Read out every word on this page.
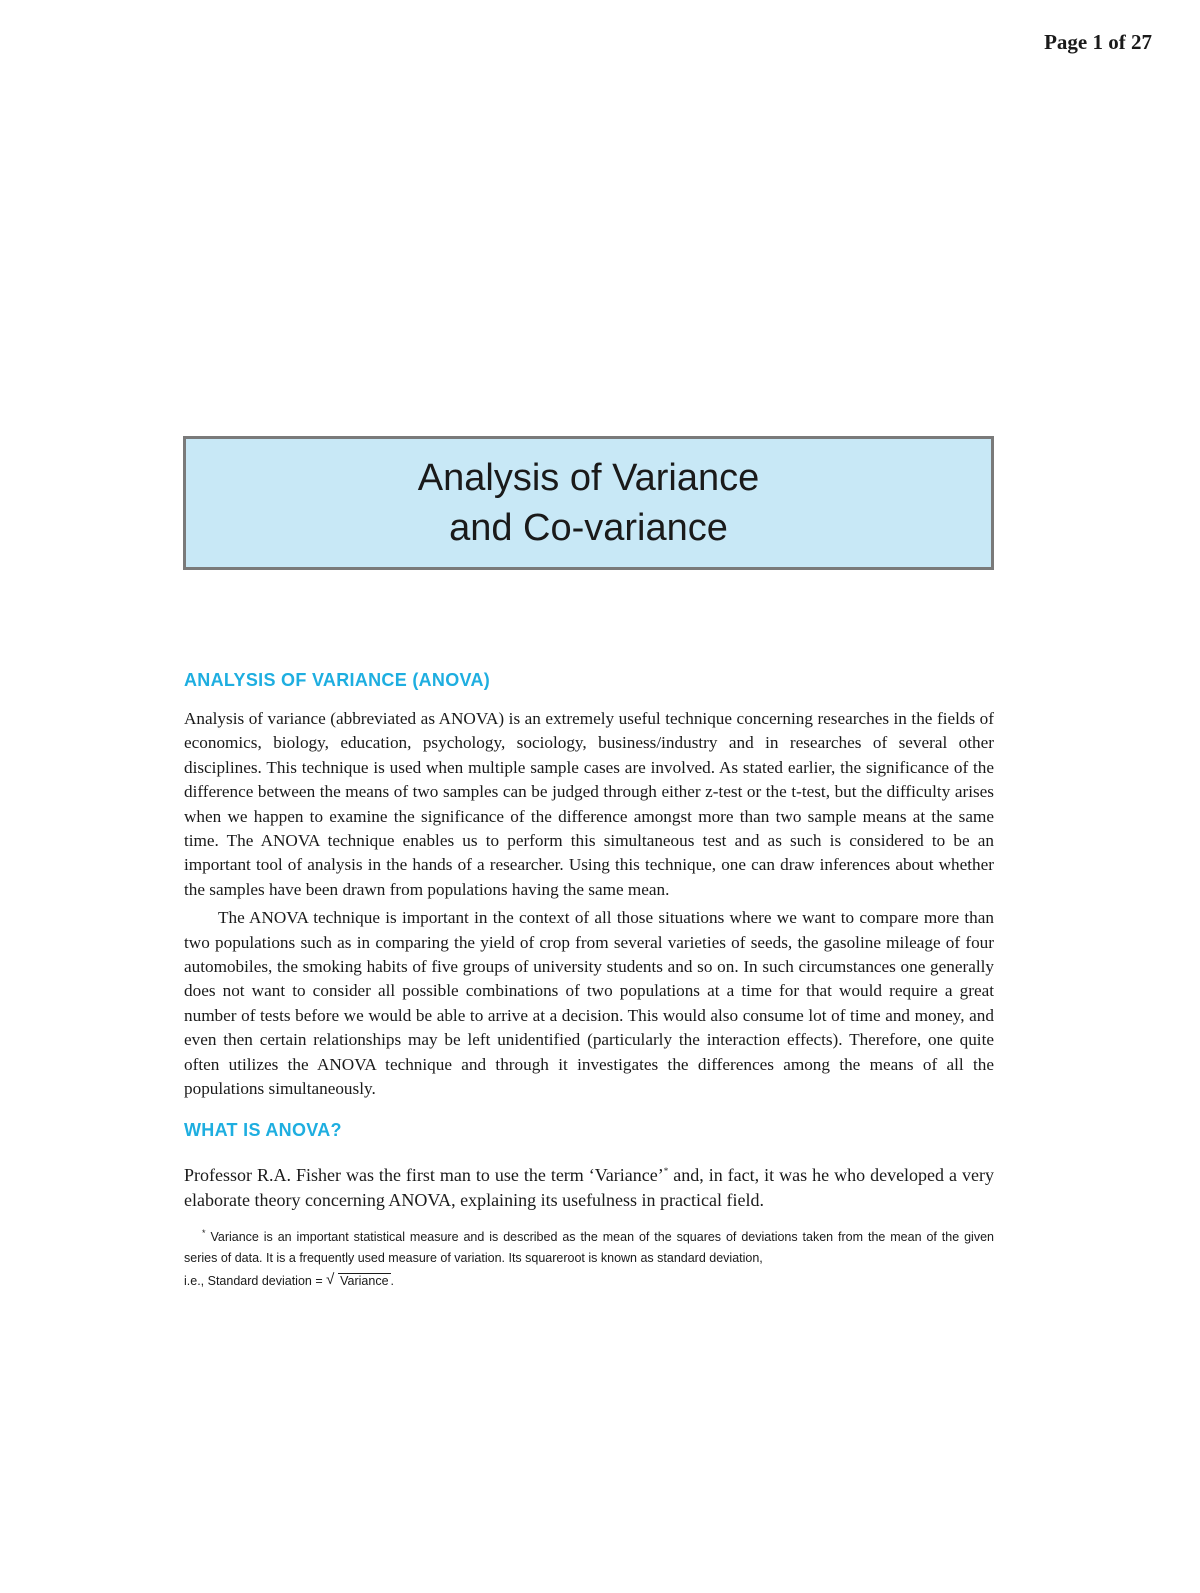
Page 1 of 27
Analysis of Variance
and Co-variance
ANALYSIS OF VARIANCE (ANOVA)

Analysis of variance (abbreviated as ANOVA) is an extremely useful technique concerning researches in the fields of economics, biology, education, psychology, sociology, business/industry and in researches of several other disciplines. This technique is used when multiple sample cases are involved. As stated earlier, the significance of the difference between the means of two samples can be judged through either z-test or the t-test, but the difficulty arises when we happen to examine the significance of the difference amongst more than two sample means at the same time. The ANOVA technique enables us to perform this simultaneous test and as such is considered to be an important tool of analysis in the hands of a researcher. Using this technique, one can draw inferences about whether the samples have been drawn from populations having the same mean.

The ANOVA technique is important in the context of all those situations where we want to compare more than two populations such as in comparing the yield of crop from several varieties of seeds, the gasoline mileage of four automobiles, the smoking habits of five groups of university students and so on. In such circumstances one generally does not want to consider all possible combinations of two populations at a time for that would require a great number of tests before we would be able to arrive at a decision. This would also consume lot of time and money, and even then certain relationships may be left unidentified (particularly the interaction effects). Therefore, one quite often utilizes the ANOVA technique and through it investigates the differences among the means of all the populations simultaneously.

WHAT IS ANOVA?

Professor R.A. Fisher was the first man to use the term ‘Variance’* and, in fact, it was he who developed a very elaborate theory concerning ANOVA, explaining its usefulness in practical field.

* Variance is an important statistical measure and is described as the mean of the squares of deviations taken from the mean of the given series of data. It is a frequently used measure of variation. Its squareroot is known as standard deviation,
i.e., Standard deviation = √ Variance .
